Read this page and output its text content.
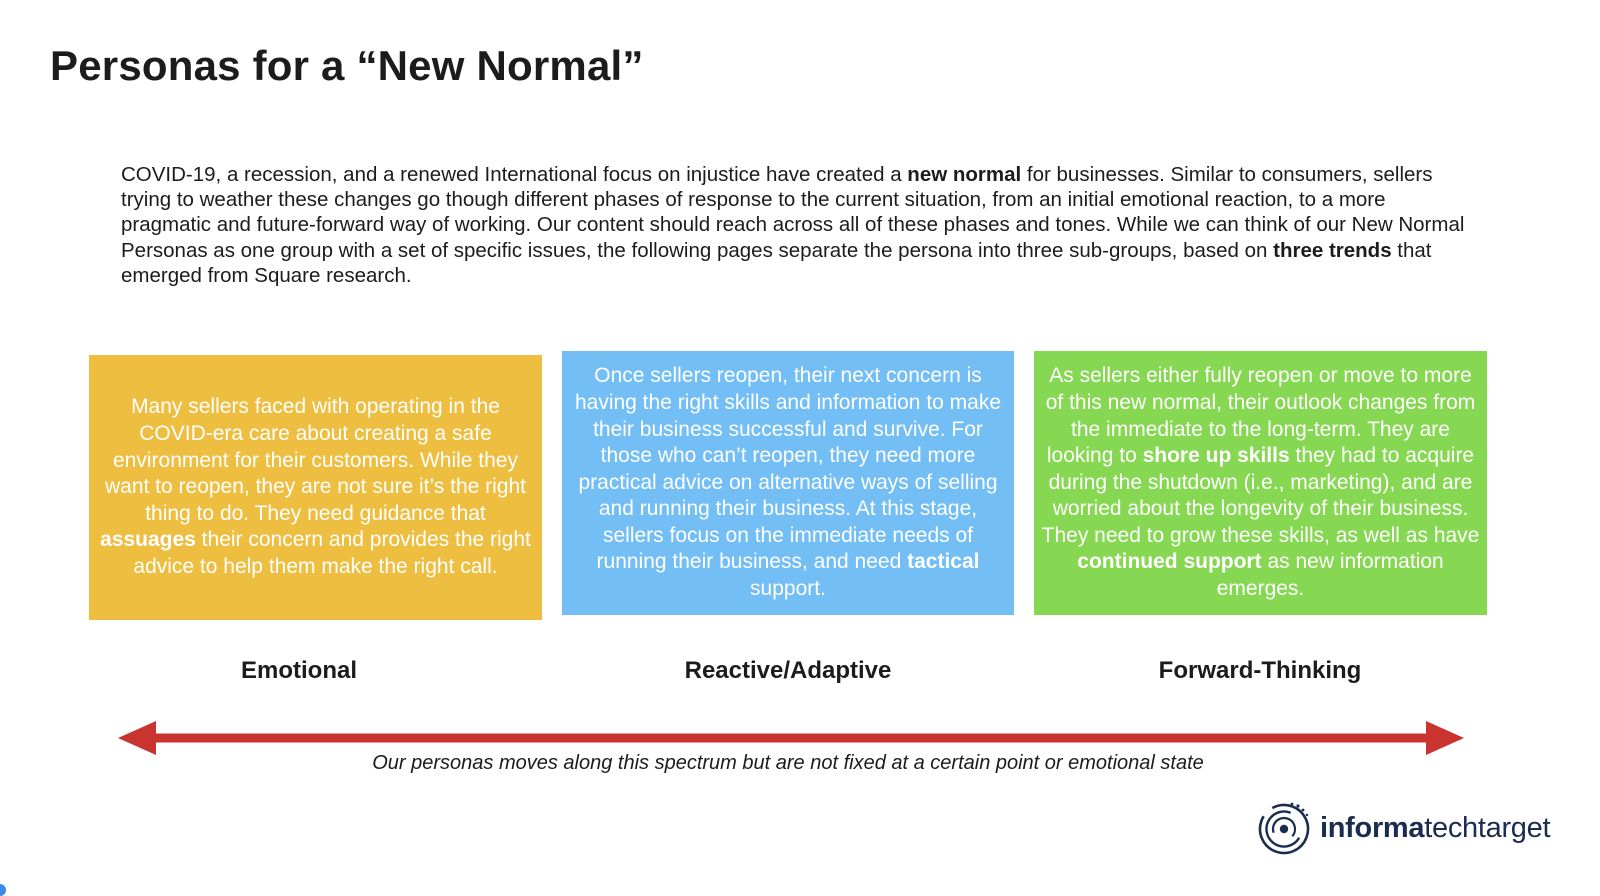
Personas for a “New Normal”

COVID-19, a recession, and a renewed International focus on injustice have created a new normal for businesses. Similar to consumers, sellers trying to weather these changes go though different phases of response to the current situation, from an initial emotional reaction, to a more pragmatic and future-forward way of working. Our content should reach across all of these phases and tones. While we can think of our New Normal Personas as one group with a set of specific issues, the following pages separate the persona into three sub-groups, based on three trends that emerged from Square research.

Many sellers faced with operating in the COVID-era care about creating a safe environment for their customers. While they want to reopen, they are not sure it’s the right thing to do. They need guidance that assuages their concern and provides the right advice to help them make the right call.

Once sellers reopen, their next concern is having the right skills and information to make their business successful and survive. For those who can’t reopen, they need more practical advice on alternative ways of selling and running their business. At this stage, sellers focus on the immediate needs of running their business, and need tactical support.

As sellers either fully reopen or move to more of this new normal, their outlook changes from the immediate to the long-term. They are looking to shore up skills they had to acquire during the shutdown (i.e., marketing), and are worried about the longevity of their business. They need to grow these skills, as well as have continued support as new information emerges.

Emotional	Reactive/Adaptive	Forward-Thinking

Our personas moves along this spectrum but are not fixed at a certain point or emotional state

informatechtarget
